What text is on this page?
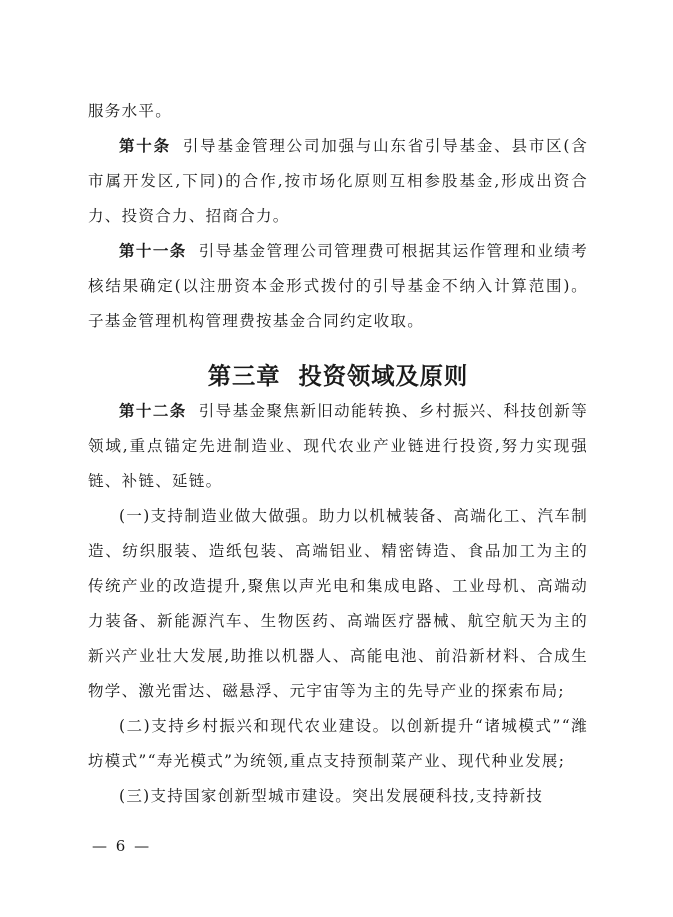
服务水平。

第十条 引导基金管理公司加强与山东省引导基金、县市区(含市属开发区,下同)的合作,按市场化原则互相参股基金,形成出资合力、投资合力、招商合力。

第十一条 引导基金管理公司管理费可根据其运作管理和业绩考核结果确定(以注册资本金形式拨付的引导基金不纳入计算范围)。子基金管理机构管理费按基金合同约定收取。

第三章 投资领域及原则

第十二条 引导基金聚焦新旧动能转换、乡村振兴、科技创新等领域,重点锚定先进制造业、现代农业产业链进行投资,努力实现强链、补链、延链。

(一)支持制造业做大做强。助力以机械装备、高端化工、汽车制造、纺织服装、造纸包装、高端铝业、精密铸造、食品加工为主的传统产业的改造提升,聚焦以声光电和集成电路、工业母机、高端动力装备、新能源汽车、生物医药、高端医疗器械、航空航天为主的新兴产业壮大发展,助推以机器人、高能电池、前沿新材料、合成生物学、激光雷达、磁悬浮、元宇宙等为主的先导产业的探索布局;

(二)支持乡村振兴和现代农业建设。以创新提升“诸城模式”“潍坊模式”“寿光模式”为统领,重点支持预制菜产业、现代种业发展;

(三)支持国家创新型城市建设。突出发展硬科技,支持新技

— 6 —
